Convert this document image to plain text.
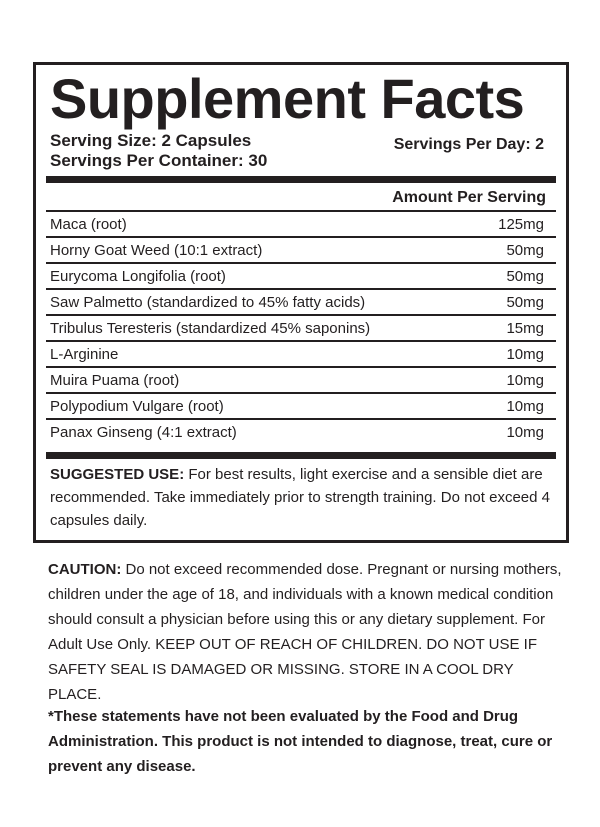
Supplement Facts
Serving Size: 2 Capsules
Servings Per Container: 30
Servings Per Day: 2
Amount Per Serving
Maca (root)	125mg
Horny Goat Weed (10:1 extract)	50mg
Eurycoma Longifolia (root)	50mg
Saw Palmetto (standardized to 45% fatty acids)	50mg
Tribulus Teresteris (standardized 45% saponins)	15mg
L-Arginine	10mg
Muira Puama (root)	10mg
Polypodium Vulgare (root)	10mg
Panax Ginseng (4:1 extract)	10mg
SUGGESTED USE: For best results, light exercise and a sensible diet are recommended. Take immediately prior to strength training. Do not exceed 4 capsules daily.
CAUTION: Do not exceed recommended dose. Pregnant or nursing mothers, children under the age of 18, and individuals with a known medical condition should consult a physician before using this or any dietary supplement. For Adult Use Only. KEEP OUT OF REACH OF CHILDREN. DO NOT USE IF SAFETY SEAL IS DAMAGED OR MISSING. STORE IN A COOL DRY PLACE.
*These statements have not been evaluated by the Food and Drug Administration. This product is not intended to diagnose, treat, cure or prevent any disease.
